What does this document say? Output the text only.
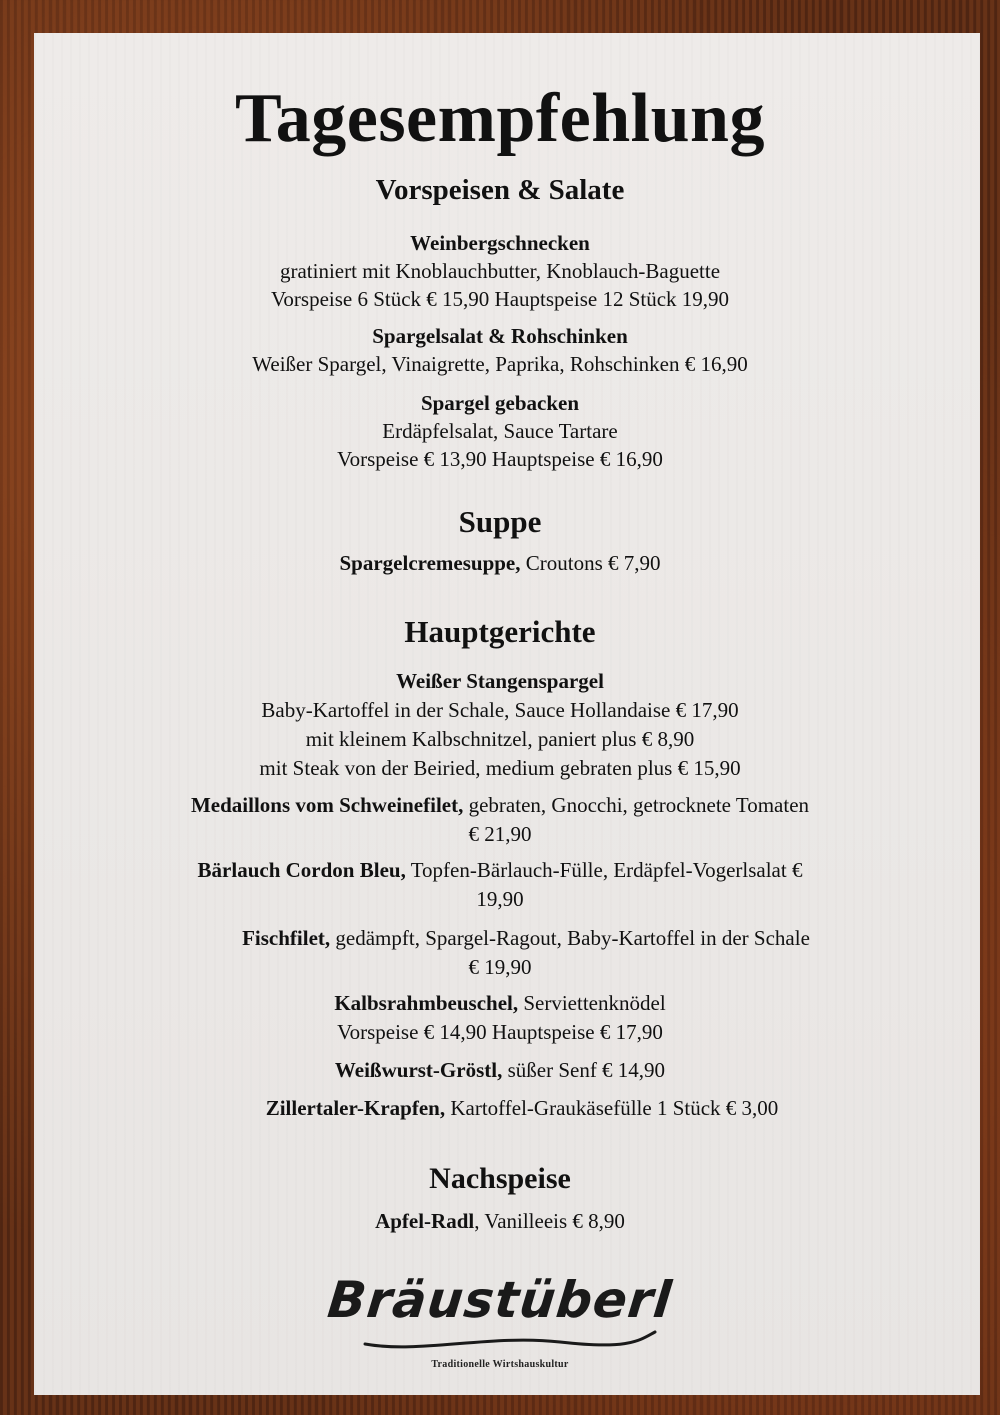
Tagesempfehlung
Vorspeisen & Salate
Weinbergschnecken
gratiniert mit Knoblauchbutter, Knoblauch-Baguette
Vorspeise 6 Stück € 15,90 Hauptspeise 12 Stück 19,90
Spargelsalat & Rohschinken
Weißer Spargel, Vinaigrette, Paprika, Rohschinken € 16,90
Spargel gebacken
Erdäpfelsalat, Sauce Tartare
Vorspeise € 13,90 Hauptspeise € 16,90
Suppe
Spargelcremesuppe, Croutons € 7,90
Hauptgerichte
Weißer Stangenspargel
Baby-Kartoffel in der Schale, Sauce Hollandaise € 17,90
mit kleinem Kalbschnitzel, paniert plus € 8,90
mit Steak von der Beiried, medium gebraten plus € 15,90
Medaillons vom Schweinefilet, gebraten, Gnocchi, getrocknete Tomaten
€ 21,90
Bärlauch Cordon Bleu, Topfen-Bärlauch-Fülle, Erdäpfel-Vogerlsalat €
19,90
Fischfilet, gedämpft, Spargel-Ragout, Baby-Kartoffel in der Schale
€ 19,90
Kalbsrahmbeuschel, Serviettenknödel
Vorspeise € 14,90 Hauptspeise € 17,90
Weißwurst-Gröstl, süßer Senf € 14,90
Zillertaler-Krapfen, Kartoffel-Graukäsefülle 1 Stück € 3,00
Nachspeise
Apfel-Radl, Vanilleeis € 8,90
Bräustüberl
Traditionelle Wirtshauskultur
